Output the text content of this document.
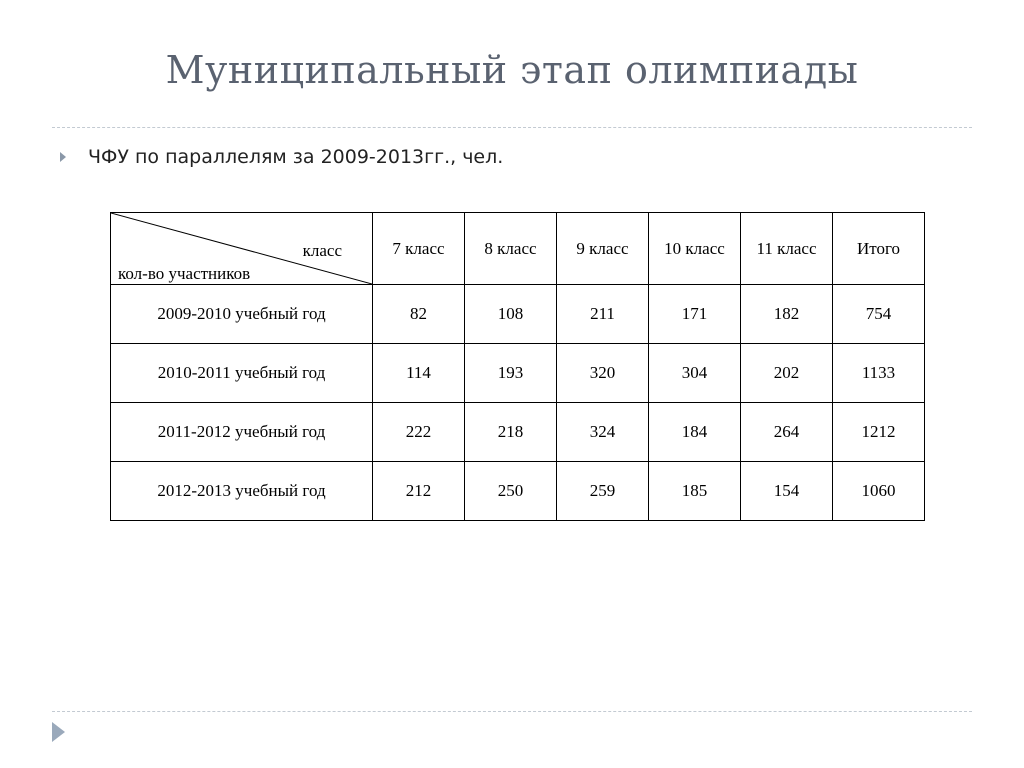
Муниципальный этап олимпиады
ЧФУ по параллелям за 2009-2013гг., чел.
класс
кол-во участников	7 класс	8 класс	9 класс	10 класс	11 класс	Итого
2009-2010 учебный год	82	108	211	171	182	754
2010-2011 учебный год	114	193	320	304	202	1133
2011-2012 учебный год	222	218	324	184	264	1212
2012-2013 учебный год	212	250	259	185	154	1060
